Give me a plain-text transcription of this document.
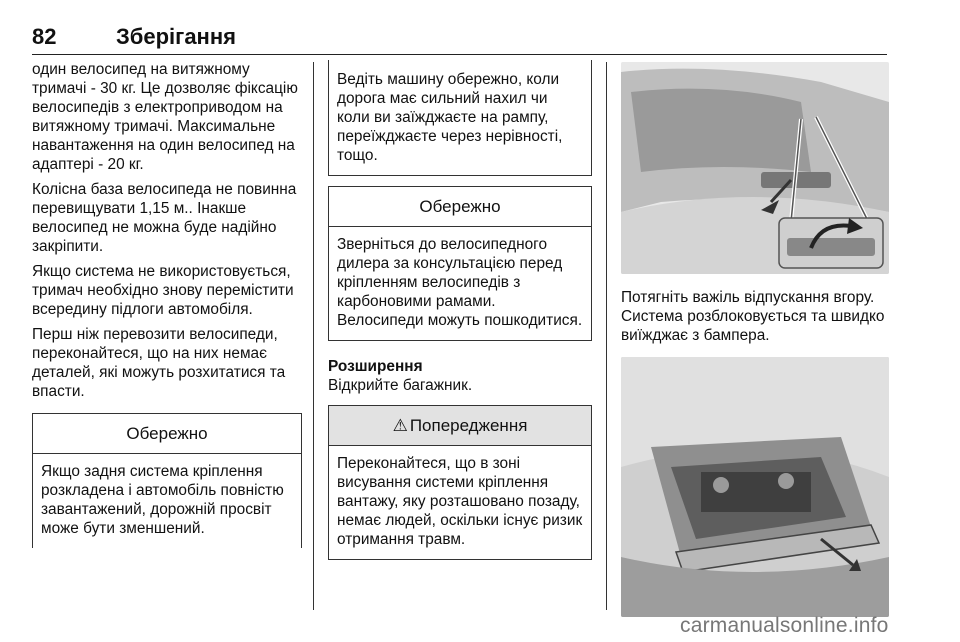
82	Зберігання

один велосипед на витяжному тримачі - 30 кг. Це дозволяє фіксацію велосипедів з електроприводом на витяжному тримачі. Максимальне навантаження на один велосипед на адаптері - 20 кг.

Колісна база велосипеда не повинна перевищувати 1,15 м.. Інакше велосипед не можна буде надійно закріпити.

Якщо система не використовується, тримач необхідно знову перемістити всередину підлоги автомобіля.

Перш ніж перевозити велосипеди, переконайтеся, що на них немає деталей, які можуть розхитатися та впасти.

Обережно
Якщо задня система кріплення розкладена і автомобіль повністю завантажений, дорожній просвіт може бути зменшений.
Ведіть машину обережно, коли дорога має сильний нахил чи коли ви заїжджаєте на рампу, переїжджаєте через нерівності, тощо.
Обережно
Зверніться до велосипедного дилера за консультацією перед кріпленням велосипедів з карбоновими рамами. Велосипеди можуть пошкодитися.

Розширення

Відкрийте багажник.

⚠ Попередження
Переконайтеся, що в зоні висування системи кріплення вантажу, яку розташовано позаду, немає людей, оскільки існує ризик отримання травм.

Потягніть важіль відпускання вгору. Система розблоковується та швидко виїжджає з бампера.

carmanualsonline.info
